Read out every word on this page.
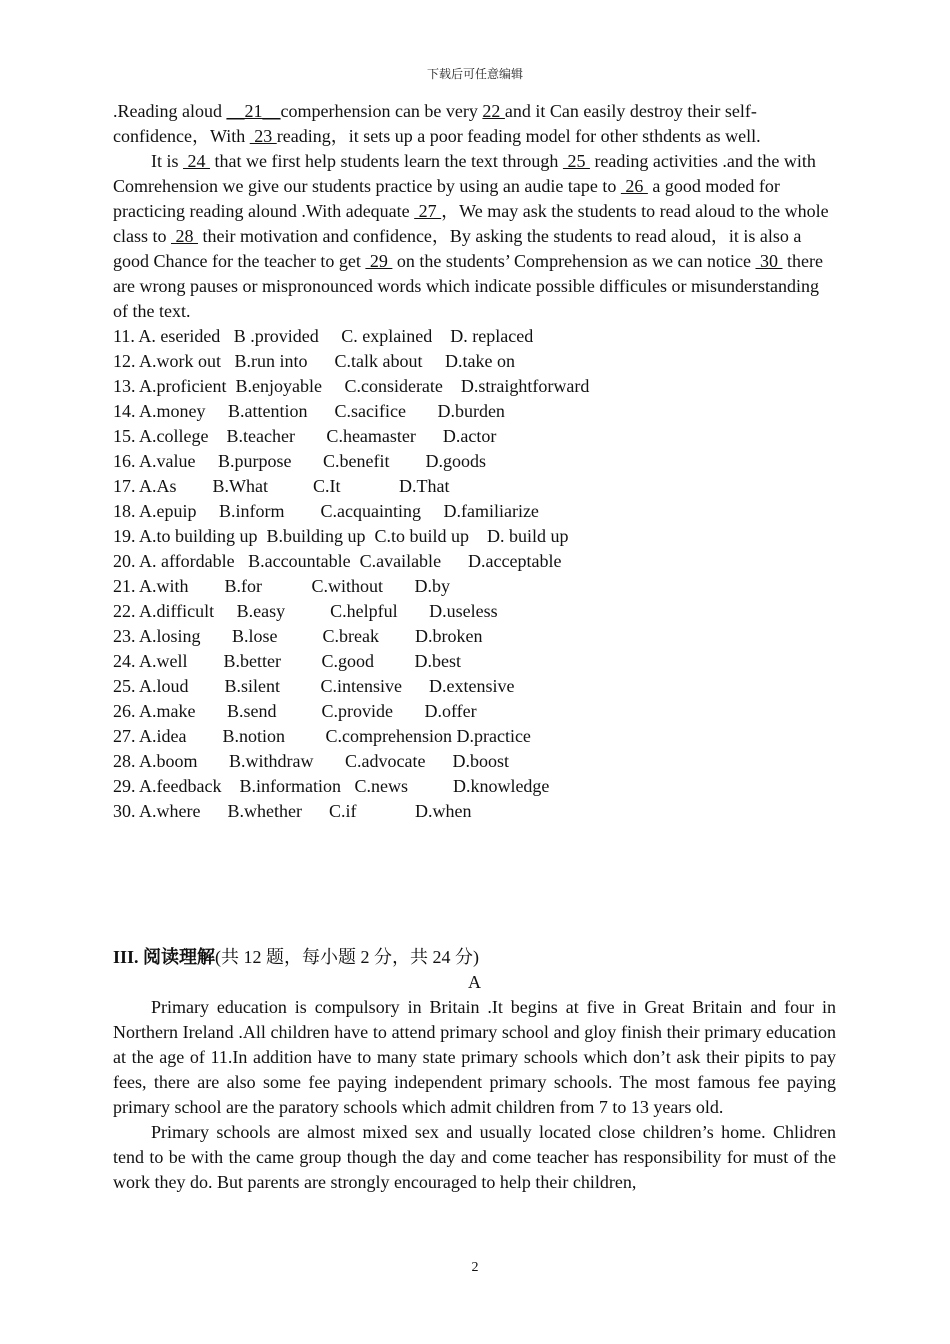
下载后可任意编辑

.Reading aloud __21__comperhension can be very 22 and it Can easily destroy their self-confidence，With  23 reading，it sets up a poor feading model for other sthdents as well.

It is  24  that we first help students learn the text through  25  reading activities .and the with Comrehension we give our students practice by using an audie tape to  26  a good moded for practicing reading alound .With adequate  27 ，We may ask the students to read aloud to the whole class to  28  their motivation and confidence，By asking the students to read aloud，it is also a good Chance for the teacher to get  29  on the students’ Comprehension as we can notice  30  there are wrong pauses or mispronounced words which indicate possible difficules or misunderstanding of the text.

11. A. eserided   B .provided     C. explained    D. replaced

12. A.work out   B.run into      C.talk about     D.take on

13. A.proficient  B.enjoyable     C.considerate    D.straightforward

14. A.money     B.attention      C.sacifice       D.burden

15. A.college    B.teacher       C.heamaster      D.actor

16. A.value     B.purpose       C.benefit        D.goods

17. A.As        B.What          C.It             D.That

18. A.epuip     B.inform        C.acquainting     D.familiarize

19. A.to building up  B.building up  C.to build up    D. build up

20. A. affordable   B.accountable  C.available      D.acceptable

21. A.with        B.for           C.without       D.by

22. A.difficult     B.easy          C.helpful       D.useless

23. A.losing       B.lose          C.break        D.broken

24. A.well        B.better         C.good         D.best

25. A.loud        B.silent         C.intensive      D.extensive

26. A.make       B.send          C.provide       D.offer

27. A.idea        B.notion         C.comprehension D.practice

28. A.boom       B.withdraw       C.advocate      D.boost

29. A.feedback    B.information   C.news          D.knowledge

30. A.where      B.whether      C.if             D.when

III. 阅读理解(共 12 题，每小题 2 分，共 24 分)

A

Primary education is compulsory in Britain .It begins at five in Great Britain and four in Northern Ireland .All children have to attend primary school and gloy finish their primary education at the age of 11.In addition have to many state primary schools which don’t ask their pipits to pay fees, there are also some fee paying independent primary schools. The most famous fee paying primary school are the paratory schools which admit children from 7 to 13 years old.

Primary schools are almost mixed sex and usually located close children’s home. Chlidren tend to be with the came group though the day and come teacher has responsibility for must of the work they do. But parents are strongly encouraged to help their children,

2
